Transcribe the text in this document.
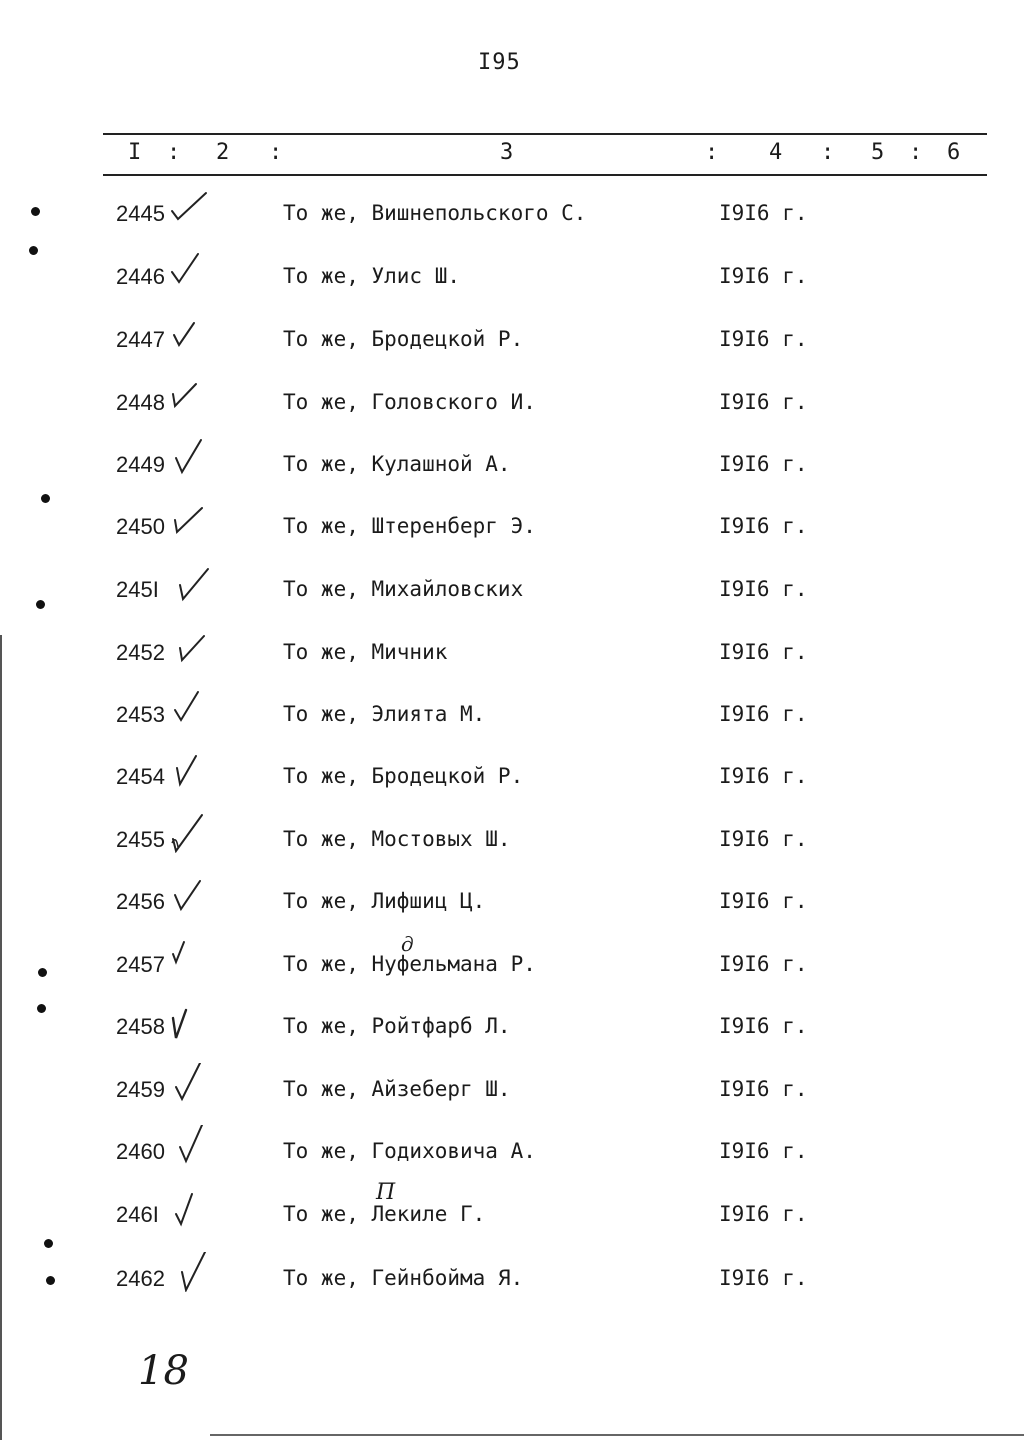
I95
I : 2 :	3	: 4 : 5 : 6
2445	То же, Вишнепольского С.	I9I6 г.
2446	То же, Улис Ш.	I9I6 г.
2447	То же, Бродецкой Р.	I9I6 г.
2448	То же, Головского И.	I9I6 г.
2449	То же, Кулашной А.	I9I6 г.
2450	То же, Штеренберг Э.	I9I6 г.
245I	То же, Михайловских	I9I6 г.
2452	То же, Мичник	I9I6 г.
2453	То же, Элията М.	I9I6 г.
2454	То же, Бродецкой Р.	I9I6 г.
2455	То же, Мостовых Ш.	I9I6 г.
2456	То же, Лифшиц Ц.	I9I6 г.
2457	То же, Нуфельмана Р.	I9I6 г.
2458	То же, Ройтфарб Л.	I9I6 г.
2459	То же, Айзеберг Ш.	I9I6 г.
2460	То же, Годиховича А.	I9I6 г.
246I	То же, Лекиле Г.	I9I6 г.
2462	То же, Гейнбойма Я.	I9I6 г.
д
П
18
